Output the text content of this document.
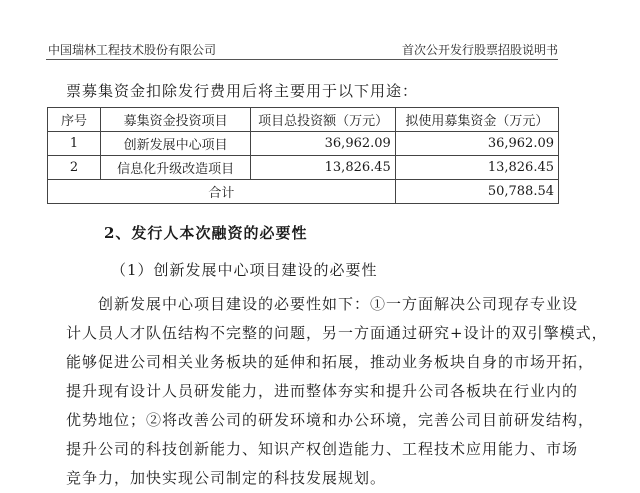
中国瑞林工程技术股份有限公司	首次公开发行股票招股说明书
票募集资金扣除发行费用后将主要用于以下用途：
序号	募集资金投资项目	项目总投资额（万元）	拟使用募集资金（万元）
1	创新发展中心项目	36,962.09	36,962.09
2	信息化升级改造项目	13,826.45	13,826.45
合计			50,788.54
2、发行人本次融资的必要性
（1）创新发展中心项目建设的必要性
创新发展中心项目建设的必要性如下：①一方面解决公司现存专业设
计人员人才队伍结构不完整的问题，另一方面通过研究+设计的双引擎模式，
能够促进公司相关业务板块的延伸和拓展，推动业务板块自身的市场开拓，
提升现有设计人员研发能力，进而整体夯实和提升公司各板块在行业内的
优势地位；②将改善公司的研发环境和办公环境，完善公司目前研发结构，
提升公司的科技创新能力、知识产权创造能力、工程技术应用能力、市场
竞争力，加快实现公司制定的科技发展规划。
